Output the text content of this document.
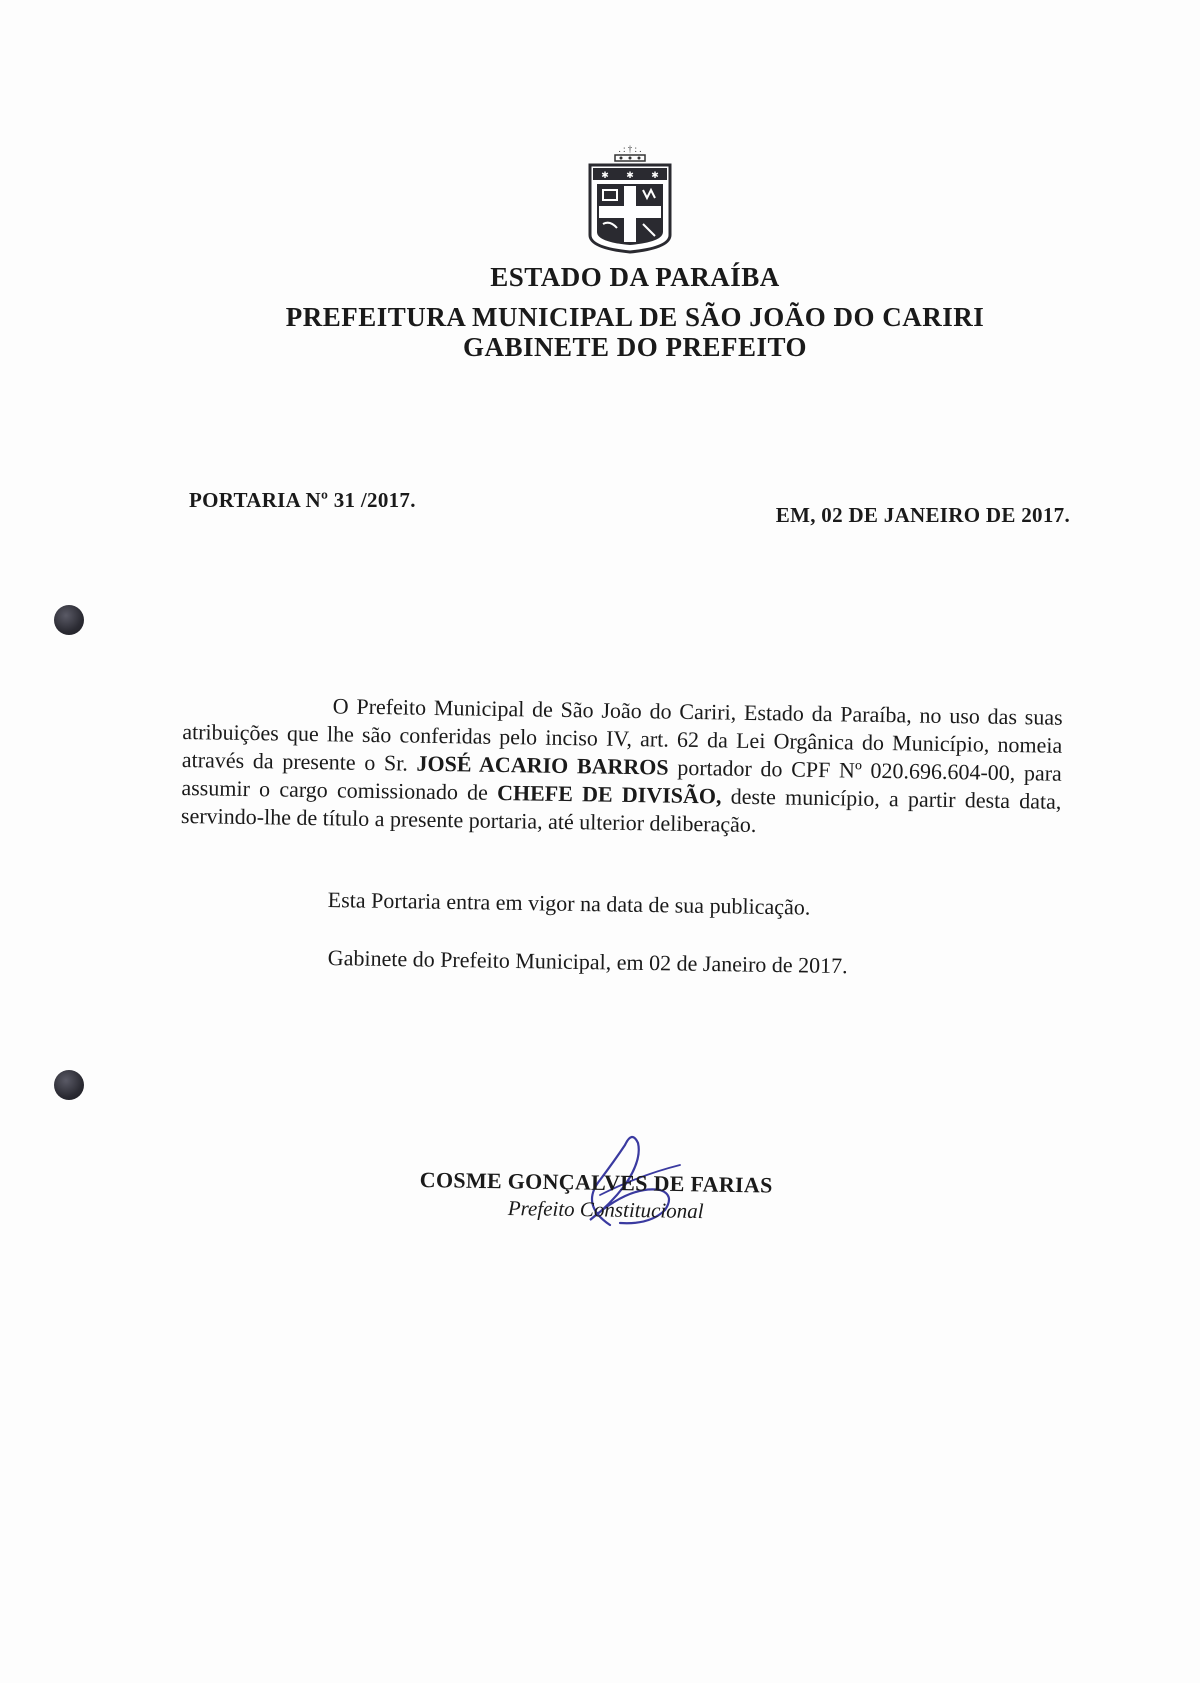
. : † : .
✱ ✱ ✱
ESTADO DA PARAÍBA
PREFEITURA MUNICIPAL DE SÃO JOÃO DO CARIRI
GABINETE DO PREFEITO
PORTARIA Nº 31 /2017.
EM, 02 DE JANEIRO DE 2017.

O Prefeito Municipal de São João do Cariri, Estado da Paraíba, no uso das suas atribuições que lhe são conferidas pelo inciso IV, art. 62 da Lei Orgânica do Município, nomeia através da presente o Sr. JOSÉ ACARIO BARROS portador do CPF Nº 020.696.604-00, para assumir o cargo comissionado de CHEFE DE DIVISÃO, deste município, a partir desta data, servindo-lhe de título a presente portaria, até ulterior deliberação.

Esta Portaria entra em vigor na data de sua publicação.
Gabinete do Prefeito Municipal, em 02 de Janeiro de 2017.
COSME GONÇALVES DE FARIAS
Prefeito Constitucional
